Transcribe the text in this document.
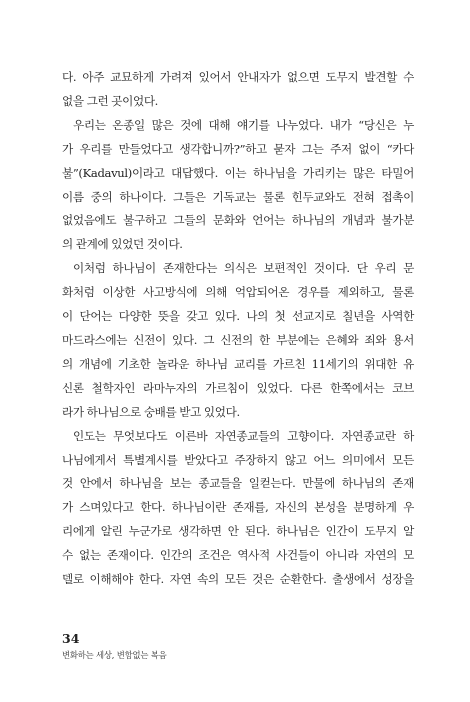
다. 아주 교묘하게 가려져 있어서 안내자가 없으면 도무지 발견할 수
없을 그런 곳이었다.
우리는 온종일 많은 것에 대해 얘기를 나누었다. 내가 “당신은 누
가 우리를 만들었다고 생각합니까?”하고 묻자 그는 주저 없이 “카다
불”(Kadavul)이라고 대답했다. 이는 하나님을 가리키는 많은 타밀어
이름 중의 하나이다. 그들은 기독교는 물론 힌두교와도 전혀 접촉이
없었음에도 불구하고 그들의 문화와 언어는 하나님의 개념과 불가분
의 관계에 있었던 것이다.
이처럼 하나님이 존재한다는 의식은 보편적인 것이다. 단 우리 문
화처럼 이상한 사고방식에 의해 억압되어온 경우를 제외하고, 물론
이 단어는 다양한 뜻을 갖고 있다. 나의 첫 선교지로 칠년을 사역한
마드라스에는 신전이 있다. 그 신전의 한 부분에는 은혜와 죄와 용서
의 개념에 기초한 놀라운 하나님 교리를 가르친 11세기의 위대한 유
신론 철학자인 라마누자의 가르침이 있었다. 다른 한쪽에서는 코브
라가 하나님으로 숭배를 받고 있었다.
인도는 무엇보다도 이른바 자연종교들의 고향이다. 자연종교란 하
나님에게서 특별계시를 받았다고 주장하지 않고 어느 의미에서 모든
것 안에서 하나님을 보는 종교들을 일컫는다. 만물에 하나님의 존재
가 스며있다고 한다. 하나님이란 존재를, 자신의 본성을 분명하게 우
리에게 알린 누군가로 생각하면 안 된다. 하나님은 인간이 도무지 알
수 없는 존재이다. 인간의 조건은 역사적 사건들이 아니라 자연의 모
델로 이해해야 한다. 자연 속의 모든 것은 순환한다. 출생에서 성장을
34
변화하는 세상, 변함없는 복음
